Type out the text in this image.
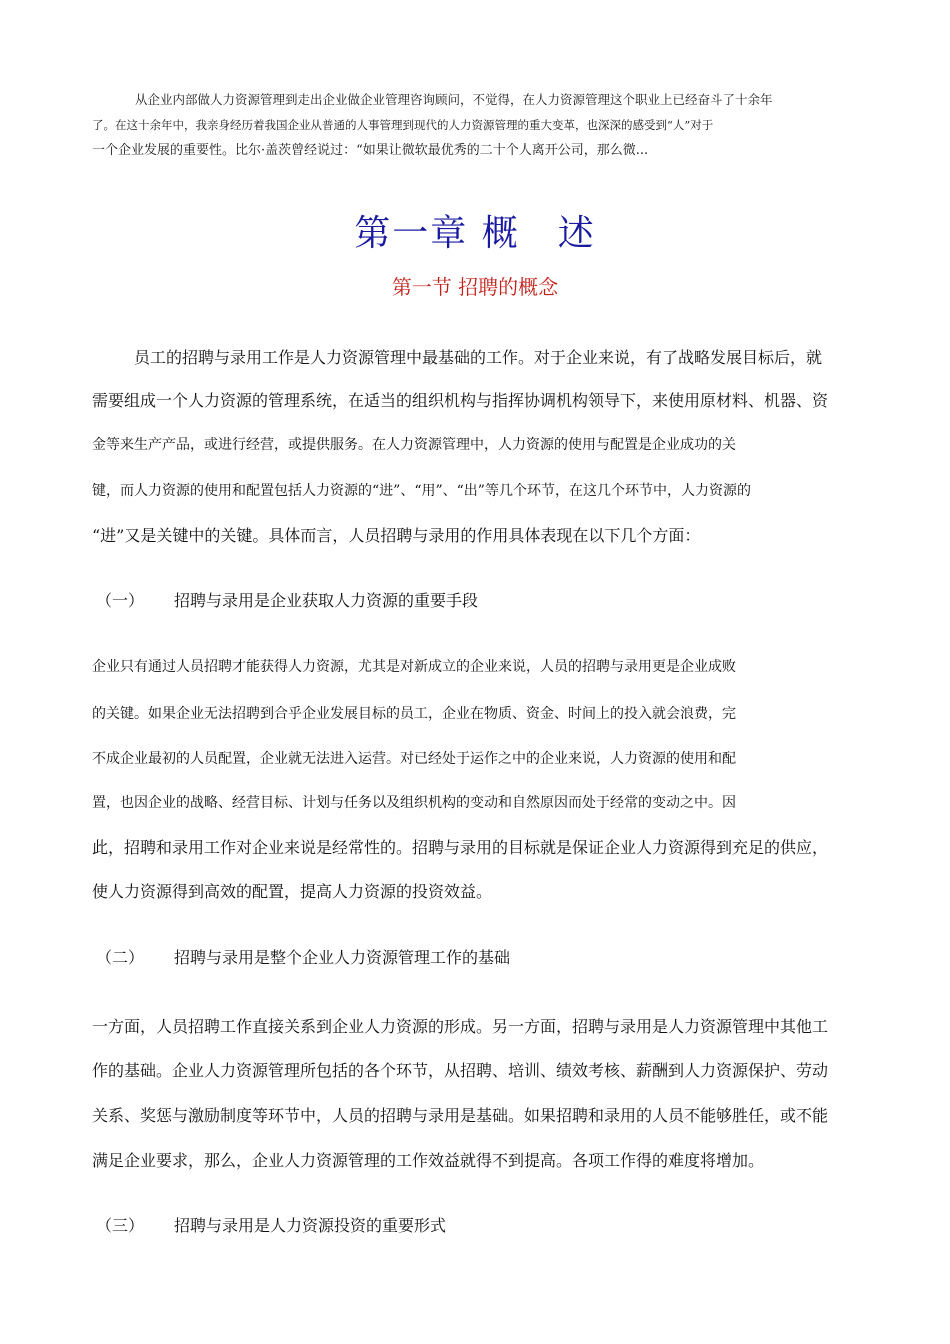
从企业内部做人力资源管理到走出企业做企业管理咨询顾问，不觉得，在人力资源管理这个职业上已经奋斗了十余年
了。在这十余年中，我亲身经历着我国企业从普通的人事管理到现代的人力资源管理的重大变革，也深深的感受到“人”对于
一个企业发展的重要性。比尔·盖茨曾经说过：“如果让微软最优秀的二十个人离开公司，那么微...
第一章 概　述
第一节 招聘的概念
员工的招聘与录用工作是人力资源管理中最基础的工作。对于企业来说，有了战略发展目标后，就
需要组成一个人力资源的管理系统，在适当的组织机构与指挥协调机构领导下，来使用原材料、机器、资
金等来生产产品，或进行经营，或提供服务。在人力资源管理中，人力资源的使用与配置是企业成功的关
键，而人力资源的使用和配置包括人力资源的“进”、“用”、“出”等几个环节，在这几个环节中，人力资源的
“进”又是关键中的关键。具体而言，人员招聘与录用的作用具体表现在以下几个方面：
（一） 招聘与录用是企业获取人力资源的重要手段
企业只有通过人员招聘才能获得人力资源，尤其是对新成立的企业来说，人员的招聘与录用更是企业成败
的关键。如果企业无法招聘到合乎企业发展目标的员工，企业在物质、资金、时间上的投入就会浪费，完
不成企业最初的人员配置，企业就无法进入运营。对已经处于运作之中的企业来说，人力资源的使用和配
置，也因企业的战略、经营目标、计划与任务以及组织机构的变动和自然原因而处于经常的变动之中。因
此，招聘和录用工作对企业来说是经常性的。招聘与录用的目标就是保证企业人力资源得到充足的供应，
使人力资源得到高效的配置，提高人力资源的投资效益。
（二） 招聘与录用是整个企业人力资源管理工作的基础
一方面，人员招聘工作直接关系到企业人力资源的形成。另一方面，招聘与录用是人力资源管理中其他工
作的基础。企业人力资源管理所包括的各个环节，从招聘、培训、绩效考核、薪酬到人力资源保护、劳动
关系、奖惩与激励制度等环节中，人员的招聘与录用是基础。如果招聘和录用的人员不能够胜任，或不能
满足企业要求，那么，企业人力资源管理的工作效益就得不到提高。各项工作得的难度将增加。
（三） 招聘与录用是人力资源投资的重要形式
